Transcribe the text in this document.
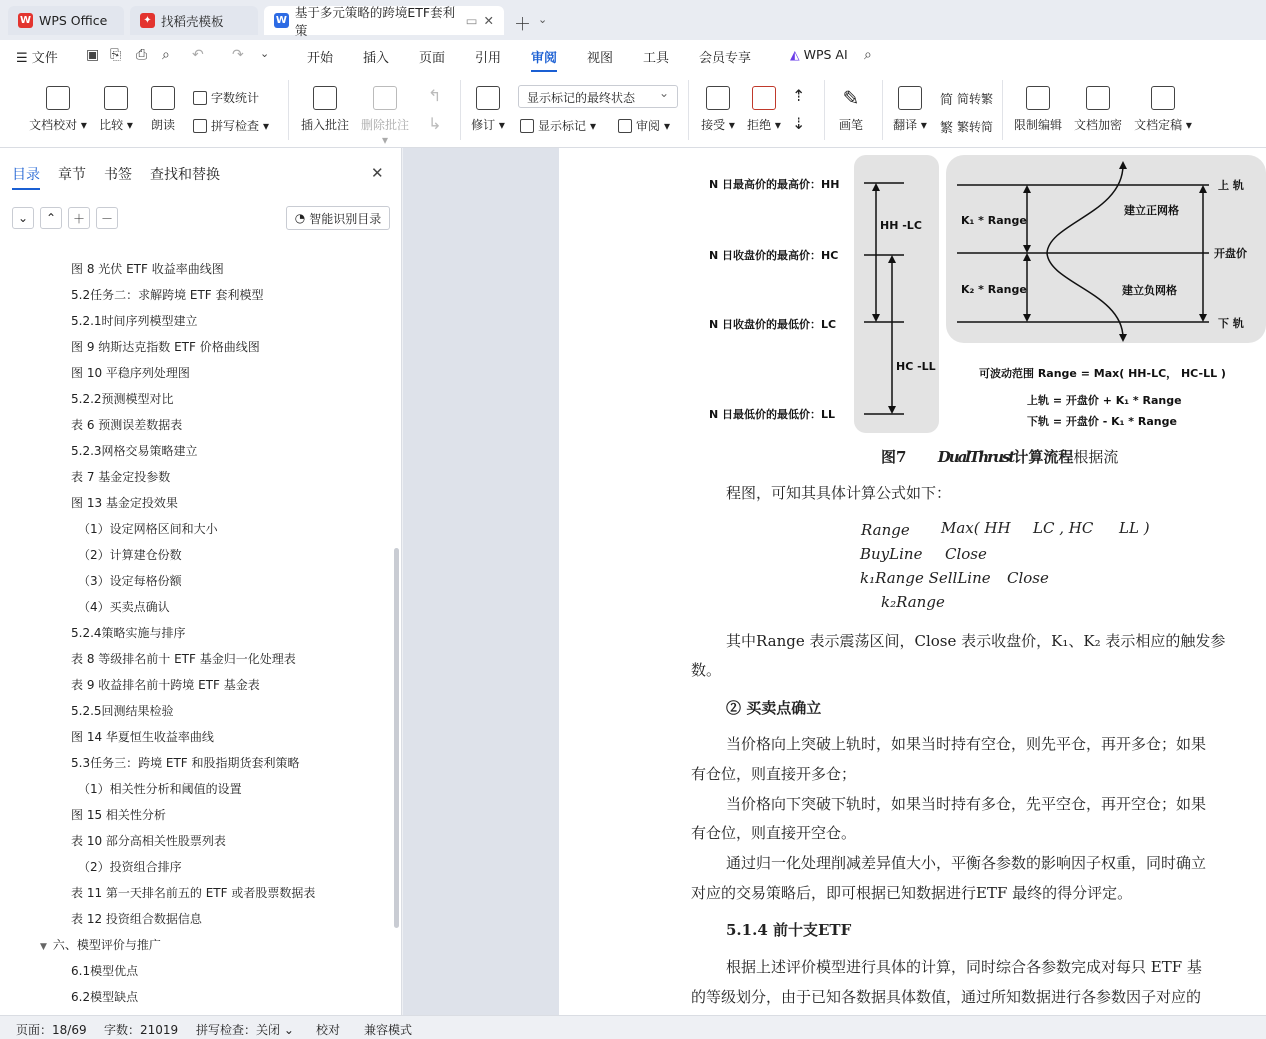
W WPS Office	✦ 找稻壳模板	W
基于多元策略的跨境ETF套利策
▭ ✕ ＋ ⌄
☰ 文件 ▣ ⎘ ⎙ ⌕ ↶ ↷ ⌄	开始 插入 页面 引用 审阅 视图 工具 会员专享	◭ WPS AI ⌕
文档校对 ▾ 比较 ▾ 朗读
字数统计
拼写检查 ▾	插入批注 删除批注 ▾
↰
↳ 修订 ▾
显示标记的最终状态 ⌄
显示标记 ▾	审阅 ▾	接受 ▾ 拒绝 ▾
⇡
⇣
✎
画笔	翻译 ▾
简 简转繁
繁 繁转简 限制编辑 文档加密 文档定稿 ▾
目录 章节 书签 查找和替换	✕
⌄ ⌃ ＋ －	◔ 智能识别目录
图 8 光伏 ETF 收益率曲线图
5.2任务二：求解跨境 ETF 套利模型
5.2.1时间序列模型建立
图 9 纳斯达克指数 ETF 价格曲线图
图 10 平稳序列处理图
5.2.2预测模型对比
表 6 预测误差数据表
5.2.3网格交易策略建立
表 7 基金定投参数
图 13 基金定投效果
（1）设定网格区间和大小
（2）计算建仓份数
（3）设定每格份额
（4）买卖点确认
5.2.4策略实施与排序
表 8 等级排名前十 ETF 基金归一化处理表
表 9 收益排名前十跨境 ETF 基金表
5.2.5回测结果检验
图 14 华夏恒生收益率曲线
5.3任务三：跨境 ETF 和股指期货套利策略
（1）相关性分析和阈值的设置
图 15 相关性分析
表 10 部分高相关性股票列表
（2）投资组合排序
表 11 第一天排名前五的 ETF 或者股票数据表
表 12 投资组合数据信息
▼ 六、模型评价与推广
6.1模型优点
6.2模型缺点
N 日最高价的最高价：HH
N 日收盘价的最高价：HC
N 日收盘价的最低价：LC
N 日最低价的最低价：LL
HH -LC
HC -LL
K₁ * Range
K₂ * Range
建立正网格
建立负网格
上 轨
开盘价
下 轨
可波动范围 Range = Max( HH-LC， HC-LL )
上轨 = 开盘价 + K₁ * Range
下轨 = 开盘价 - K₁ * Range
图7 DualThrust计算流程根据流
程图，可知其具体计算公式如下：
Range Max( HH LC , HC LL )
BuyLine Close
k₁Range SellLine Close
k₂Range
其中Range 表示震荡区间，Close 表示收盘价，K₁、K₂ 表示相应的触发参
数。
② 买卖点确立
当价格向上突破上轨时，如果当时持有空仓，则先平仓，再开多仓；如果
有仓位，则直接开多仓；
当价格向下突破下轨时，如果当时持有多仓，先平空仓，再开空仓；如果
有仓位，则直接开空仓。
通过归一化处理削减差异值大小，平衡各参数的影响因子权重，同时确立
对应的交易策略后，即可根据已知数据进行ETF 最终的得分评定。
5.1.4 前十支ETF
根据上述评价模型进行具体的计算，同时综合各参数完成对每只 ETF 基
的等级划分，由于已知各数据具体数值，通过所知数据进行各参数因子对应的
页面：18/69 字数：21019 拼写检查：关闭 ⌄ 校对 兼容模式
